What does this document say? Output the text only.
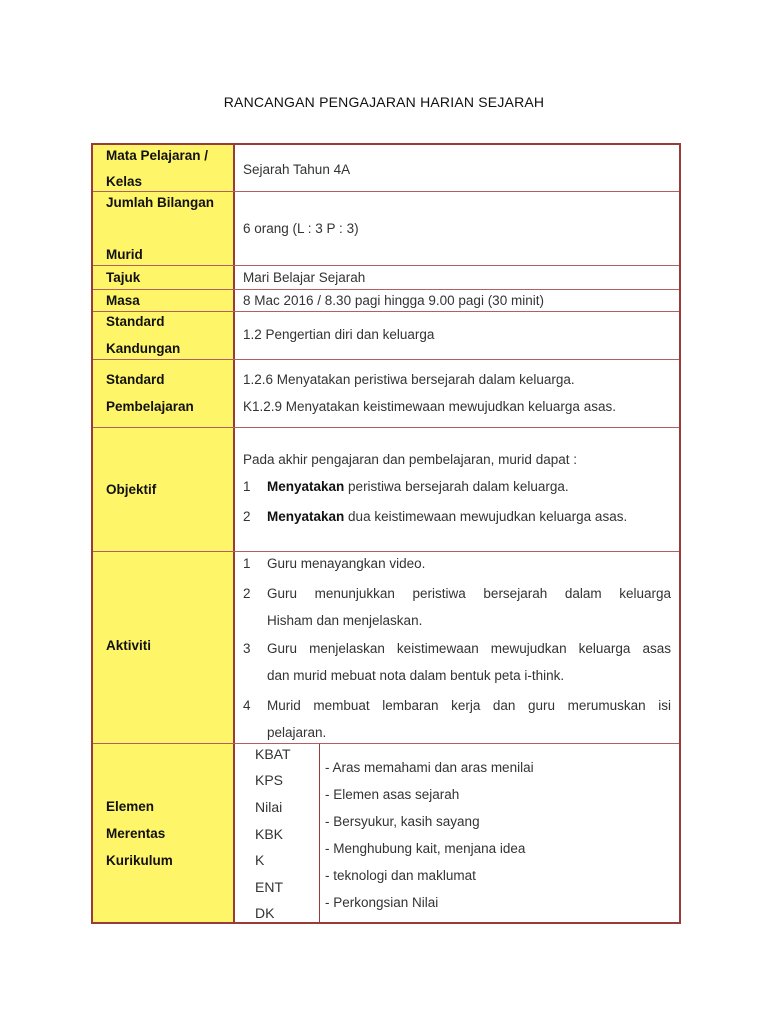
RANCANGAN PENGAJARAN HARIAN SEJARAH
Mata Pelajaran /
Kelas
Sejarah Tahun 4A
Jumlah Bilangan
Murid
6 orang (L : 3 P : 3)
Tajuk	Mari Belajar Sejarah
Masa	8 Mac 2016 / 8.30 pagi hingga 9.00 pagi (30 minit)
Standard
Kandungan
1.2 Pengertian diri dan keluarga
Standard
Pembelajaran
1.2.6 Menyatakan peristiwa bersejarah dalam keluarga.
K1.2.9 Menyatakan keistimewaan mewujudkan keluarga asas.
Objektif
Pada akhir pengajaran dan pembelajaran, murid dapat :
1 Menyatakan peristiwa bersejarah dalam keluarga.
2 Menyatakan dua keistimewaan mewujudkan keluarga asas.
Aktiviti
1 Guru menayangkan video.
2 Guru menunjukkan peristiwa bersejarah dalam keluarga
Hisham dan menjelaskan.
3 Guru menjelaskan keistimewaan mewujudkan keluarga asas
dan murid mebuat nota dalam bentuk peta i-think.
4 Murid membuat lembaran kerja dan guru merumuskan isi
pelajaran.
Elemen
Merentas
Kurikulum
KBAT
KPS
Nilai
KBK
K
ENT
DK
- Aras memahami dan aras menilai
- Elemen asas sejarah
- Bersyukur, kasih sayang
- Menghubung kait, menjana idea
- teknologi dan maklumat
- Perkongsian Nilai
